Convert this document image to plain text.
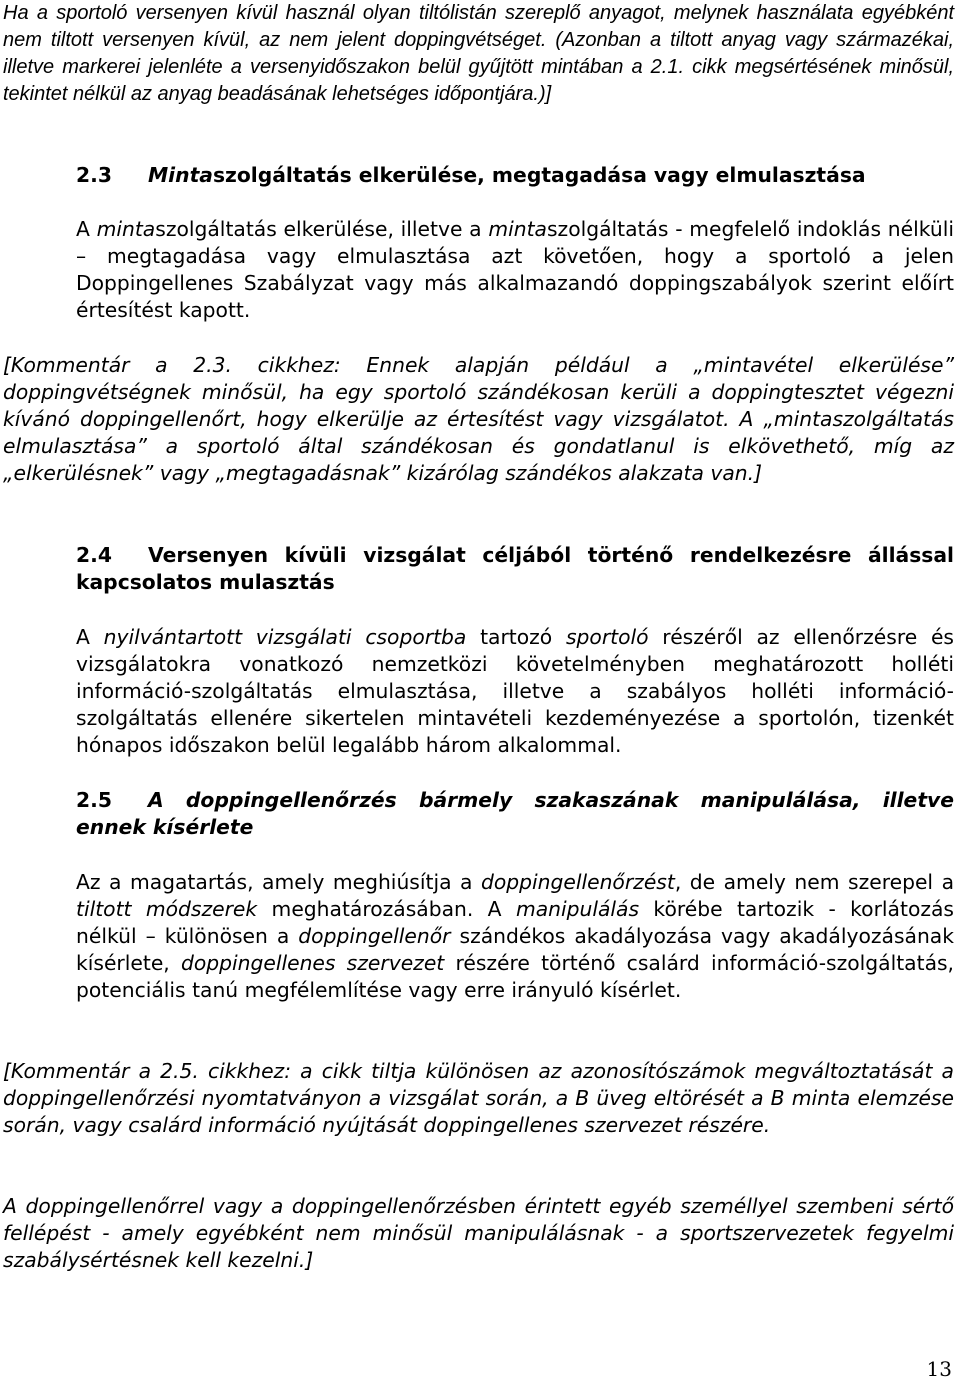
Ha a sportoló versenyen kívül használ olyan tiltólistán szereplő anyagot, melynek használata egyébként nem tiltott versenyen kívül, az nem jelent doppingvétséget. (Azonban a tiltott anyag vagy származékai, illetve markerei jelenléte a versenyidőszakon belül gyűjtött mintában a 2.1. cikk megsértésének minősül, tekintet nélkül az anyag beadásának lehetséges időpontjára.)]

2.3 Mintaszolgáltatás elkerülése, megtagadása vagy elmulasztása

A mintaszolgáltatás elkerülése, illetve a mintaszolgáltatás - megfelelő indoklás nélküli – megtagadása vagy elmulasztása azt követően, hogy a sportoló a jelen Doppingellenes Szabályzat vagy más alkalmazandó doppingszabályok szerint előírt értesítést kapott.

[Kommentár a 2.3. cikkhez: Ennek alapján például a „mintavétel elkerülése” doppingvétségnek minősül, ha egy sportoló szándékosan kerüli a doppingtesztet végezni kívánó doppingellenőrt, hogy elkerülje az értesítést vagy vizsgálatot. A „mintaszolgáltatás elmulasztása” a sportoló által szándékosan és gondatlanul is elkövethető, míg az „elkerülésnek” vagy „megtagadásnak” kizárólag szándékos alakzata van.]

2.4 Versenyen kívüli vizsgálat céljából történő rendelkezésre állással kapcsolatos mulasztás

A nyilvántartott vizsgálati csoportba tartozó sportoló részéről az ellenőrzésre és vizsgálatokra vonatkozó nemzetközi követelményben meghatározott holléti információ-szolgáltatás elmulasztása, illetve a szabályos holléti információ-szolgáltatás ellenére sikertelen mintavételi kezdeményezése a sportolón, tizenkét hónapos időszakon belül legalább három alkalommal.

2.5 A doppingellenőrzés bármely szakaszának manipulálása, illetve ennek kísérlete

Az a magatartás, amely meghiúsítja a doppingellenőrzést, de amely nem szerepel a tiltott módszerek meghatározásában. A manipulálás körébe tartozik - korlátozás nélkül – különösen a doppingellenőr szándékos akadályozása vagy akadályozásának kísérlete, doppingellenes szervezet részére történő csalárd információ-szolgáltatás, potenciális tanú megfélemlítése vagy erre irányuló kísérlet.

[Kommentár a 2.5. cikkhez: a cikk tiltja különösen az azonosítószámok megváltoztatását a doppingellenőrzési nyomtatványon a vizsgálat során, a B üveg eltörését a B minta elemzése során, vagy csalárd információ nyújtását doppingellenes szervezet részére.

A doppingellenőrrel vagy a doppingellenőrzésben érintett egyéb személlyel szembeni sértő fellépést - amely egyébként nem minősül manipulálásnak - a sportszervezetek fegyelmi szabálysértésnek kell kezelni.]

13
